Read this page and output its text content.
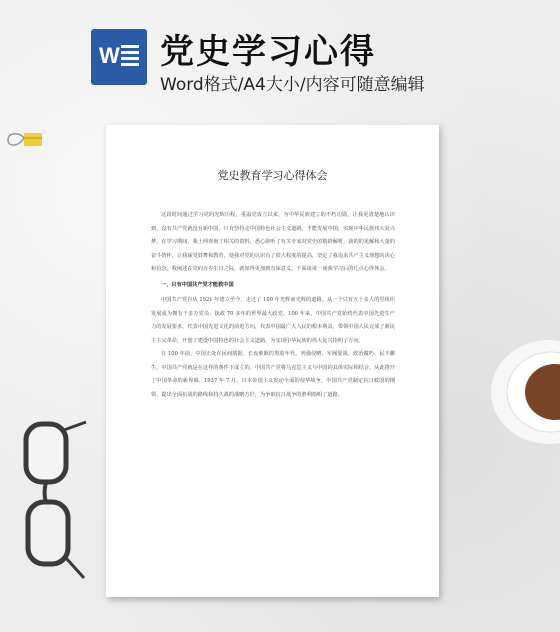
W 党史学习心得
Word格式/A4大小/内容可随意编辑
党史教育学习心得体会

这段时间通过学习党的光辉历程，重温党成立以来，为中华民族建立的不朽功勋，让我更清楚地认识到，没有共产党就没有新中国，只有坚持走中国特色社会主义道路，才能发展中国，实现中华民族伟大复兴梦。在学习期间，我上网查询了相关的资料，悉心聆听了有关专家对党史的精辟解析，我的的见解和大量的奋斗情怀，让我深受鼓舞和教育，使我对党的认识有了很大程度的提高，坚定了我追求共产主义理想的决心和信念。我阐述在党的百岁生日之际，就如得更加到有深意义。下面谈谈一谈我学习后的几点心得体会。

一、只有中国共产党才能救中国

中国共产党自从 1921 年建立至今，走过了 100 年光辉而光辉的道路。从一个只有五十多人的党组织发展成为拥有千多万党员、执政 70 多年的世界最大政党。100 年来，中国共产党始终代表中国先进生产力的发展要求，代表中国先进文化的前进方向，代表中国最广大人民的根本利益，带领中国人民完成了新民主主义革命，开创了建设中国特色的社会主义道路，为实现中华民族的伟大复兴指明了方向。

在 100 年前，中国正处在民间割据、长夜难眠的黑暗年代，列强侵略、军阀混战、政治腐朽、民不聊生。中国共产党就是在这样的条件下成立的。中国共产党将马克思主义与中国的具体实际相结合，从此推开了中国革命的新界幕。1937 年 7 月，日本帝国主义发动全面的侵华战争，中国共产党制定抗日救国的纲领，提出全面抗战的路线和持久战的战略方针，为争取抗日战争的胜利指明了道路。
